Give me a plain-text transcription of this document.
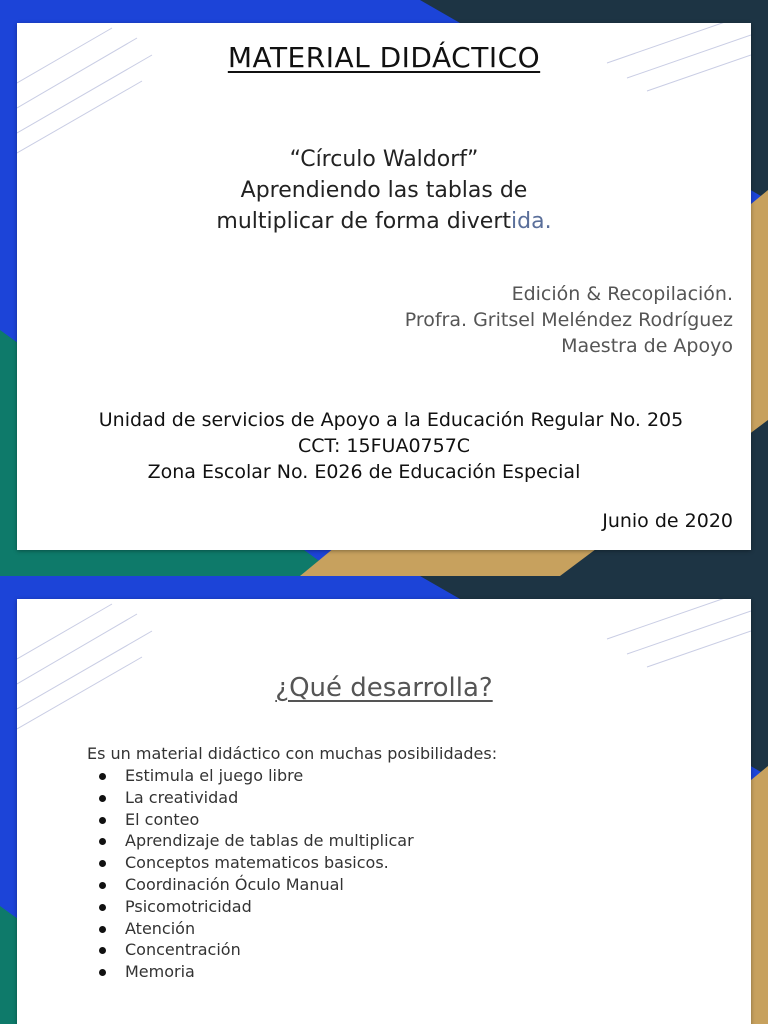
MATERIAL DIDÁCTICO
“Círculo Waldorf”
Aprendiendo las tablas de
multiplicar de forma divertida.
Edición & Recopilación.
Profra. Gritsel Meléndez Rodríguez
Maestra de Apoyo
Unidad de servicios de Apoyo a la Educación Regular No. 205
CCT: 15FUA0757C
Zona Escolar No. E026 de Educación Especial
Junio de 2020
¿Qué desarrolla?
Es un material didáctico con muchas posibilidades:
Estimula el juego libre
La creatividad
El conteo
Aprendizaje de tablas de multiplicar
Conceptos matematicos basicos.
Coordinación Óculo Manual
Psicomotricidad
Atención
Concentración
Memoria
